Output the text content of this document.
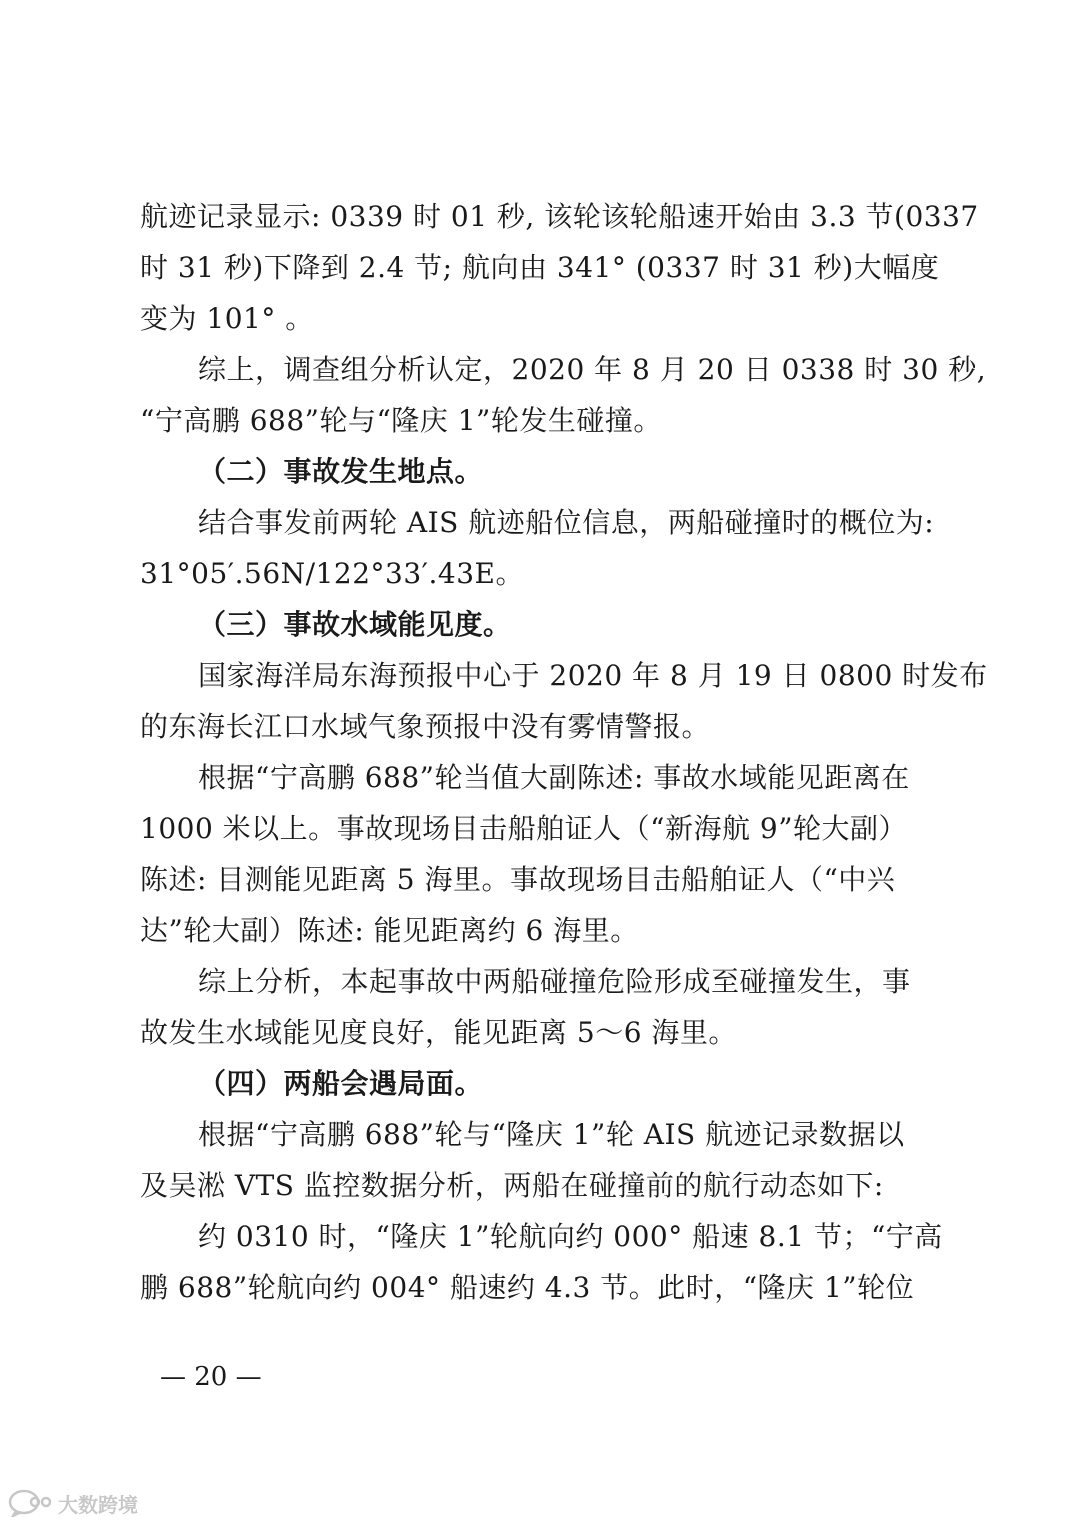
航迹记录显示: 0339 时 01 秒, 该轮该轮船速开始由 3.3 节(0337
时 31 秒)下降到 2.4 节; 航向由 341° (0337 时 31 秒)大幅度
变为 101° 。
综上，调查组分析认定，2020 年 8 月 20 日 0338 时 30 秒,
“宁高鹏 688”轮与“隆庆 1”轮发生碰撞。
（二）事故发生地点。
结合事发前两轮 AIS 航迹船位信息，两船碰撞时的概位为:
31°05′.56N/122°33′.43E。
（三）事故水域能见度。
国家海洋局东海预报中心于 2020 年 8 月 19 日 0800 时发布
的东海长江口水域气象预报中没有雾情警报。
根据“宁高鹏 688”轮当值大副陈述: 事故水域能见距离在
1000 米以上。事故现场目击船舶证人（“新海航 9”轮大副）
陈述: 目测能见距离 5 海里。事故现场目击船舶证人（“中兴
达”轮大副）陈述: 能见距离约 6 海里。
综上分析，本起事故中两船碰撞危险形成至碰撞发生，事
故发生水域能见度良好，能见距离 5～6 海里。
（四）两船会遇局面。
根据“宁高鹏 688”轮与“隆庆 1”轮 AIS 航迹记录数据以
及吴淞 VTS 监控数据分析，两船在碰撞前的航行动态如下:
约 0310 时，“隆庆 1”轮航向约 000° 船速 8.1 节；“宁高
鹏 688”轮航向约 004° 船速约 4.3 节。此时，“隆庆 1”轮位
— 20 —
大数跨境
